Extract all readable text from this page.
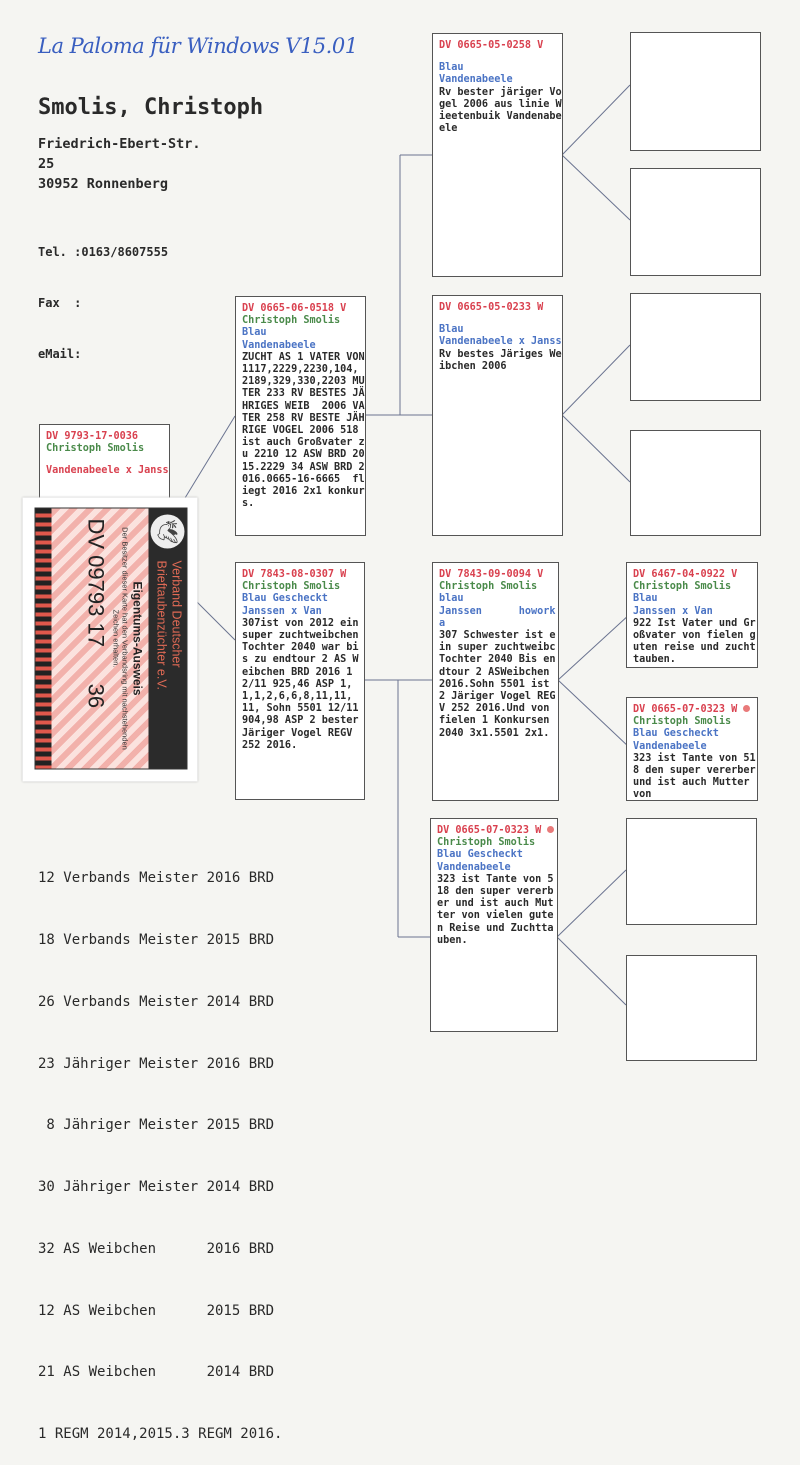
La Paloma für Windows V15.01
Smolis, Christoph
Friedrich-Ebert-Str.
25
30952 Ronnenberg

Tel. :0163/8607555

Fax  :

eMail:

DV 9793-17-0036
Christoph Smolis
Vandenabeele x Janss
DV 0665-06-0518 V
Christoph Smolis
Blau
Vandenabeele
ZUCHT AS 1 VATER VON 1117,2229,2230,104, 2189,329,330,2203 MUTER 233 RV BESTES JÄHRIGES WEIB  2006 VATER 258 RV BESTE JÄHRIGE VOGEL 2006 518 ist auch Großvater zu 2210 12 ASW BRD 2015.2229 34 ASW BRD 2016.0665-16-6665  fliegt 2016 2x1 konkurs.
DV 7843-08-0307 W
Christoph Smolis
Blau Gescheckt
Janssen x Van
307ist von 2012 ein super zuchtweibchen Tochter 2040 war bis zu endtour 2 AS Weibchen BRD 2016 12/11 925,46 ASP 1,1,1,2,6,6,8,11,11, 11, Sohn 5501 12/11 904,98 ASP 2 bester Järiger Vogel REGV 252 2016.
DV 0665-05-0258 V
Blau
Vandenabeele
Rv bester järiger Vogel 2006 aus linie Wieetenbuik Vandenabeele
DV 0665-05-0233 W
Blau
Vandenabeele x Janss
Rv bestes Järiges Weibchen 2006
DV 7843-09-0094 V
Christoph Smolis
blau
Janssen      howorka
307 Schwester ist ein super zuchtweibc Tochter 2040 Bis endtour 2 ASWeibchen 2016.Sohn 5501 ist 2 Järiger Vogel REGV 252 2016.Und von fielen 1 Konkursen 2040 3x1.5501 2x1.
DV 0665-07-0323 W
Christoph Smolis
Blau Gescheckt
Vandenabeele
323 ist Tante von 518 den super vererber und ist auch Mutter von vielen guten Reise und Zuchttauben.
DV 6467-04-0922 V
Christoph Smolis
Blau
Janssen x Van
922 Ist Vater und Großvater von fielen guten reise und zuchttauben.
DV 0665-07-0323 W
Christoph Smolis
Blau Gescheckt
Vandenabeele
323 ist Tante von 518 den super vererber und ist auch Mutter von
🕊
Verband Deutscher
Brieftaubenzüchter e.V.
Eigentums-Ausweis
Der Besitzer dieser Karte hat den Verbandsring mit nachstehenden Zeichen erhalten.
DV 09793 17      36

12 Verbands Meister 2016 BRD

18 Verbands Meister 2015 BRD

26 Verbands Meister 2014 BRD

23 Jähriger Meister 2016 BRD

8 Jähriger Meister 2015 BRD

30 Jähriger Meister 2014 BRD

32 AS Weibchen      2016 BRD

12 AS Weibchen      2015 BRD

21 AS Weibchen      2014 BRD

1 REGM 2014,2015.3 REGM 2016.
